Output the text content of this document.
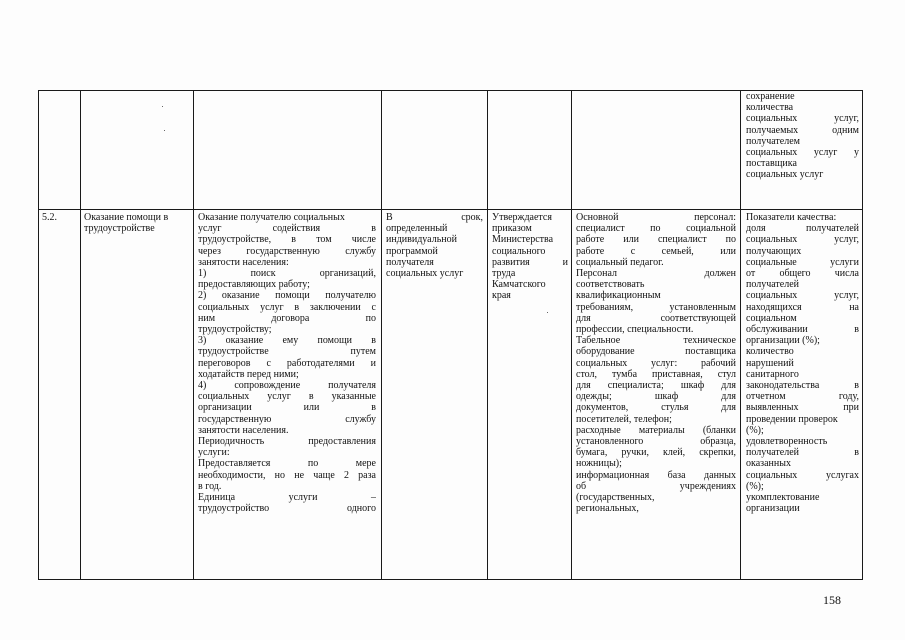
сохранение
количества
социальных услуг,
получаемых одним
получателем
социальных услуг у
поставщика
социальных услуг
5.2.	Оказание помощи в
трудоустройстве
Оказание получателю социальных
услуг содействия в
трудоустройстве, в том числе
через государственную службу
занятости населения:
1) поиск организаций,
предоставляющих работу;
2) оказание помощи получателю
социальных услуг в заключении с
ним договора по
трудоустройству;
3) оказание ему помощи в
трудоустройстве путем
переговоров с работодателями и
ходатайств перед ними;
4) сопровождение получателя
социальных услуг в указанные
организации или в
государственную службу
занятости населения.
Периодичность предоставления
услуги:
Предоставляется по мере
необходимости, но не чаще 2 раза
в год.
Единица услуги –
трудоустройство одного
В срок,
определенный
индивидуальной
программой
получателя
социальных услуг
Утверждается
приказом
Министерства
социального
развития и
труда
Камчатского
края
Основной персонал:
специалист по социальной
работе или специалист по
работе с семьей, или
социальный педагог.
Персонал должен
соответствовать
квалификационным
требованиям, установленным
для соответствующей
профессии, специальности.
Табельное техническое
оборудование поставщика
социальных услуг: рабочий
стол, тумба приставная, стул
для специалиста; шкаф для
одежды; шкаф для
документов, стулья для
посетителей, телефон;
расходные материалы (бланки
установленного образца,
бумага, ручки, клей, скрепки,
ножницы);
информационная база данных
об учреждениях
(государственных,
региональных,
Показатели качества:
доля получателей
социальных услуг,
получающих
социальные услуги
от общего числа
получателей
социальных услуг,
находящихся на
социальном
обслуживании в
организации (%);
количество
нарушений
санитарного
законодательства в
отчетном году,
выявленных при
проведении проверок
(%);
удовлетворенность
получателей в
оказанных
социальных услугах
(%);
укомплектование
организации
158
